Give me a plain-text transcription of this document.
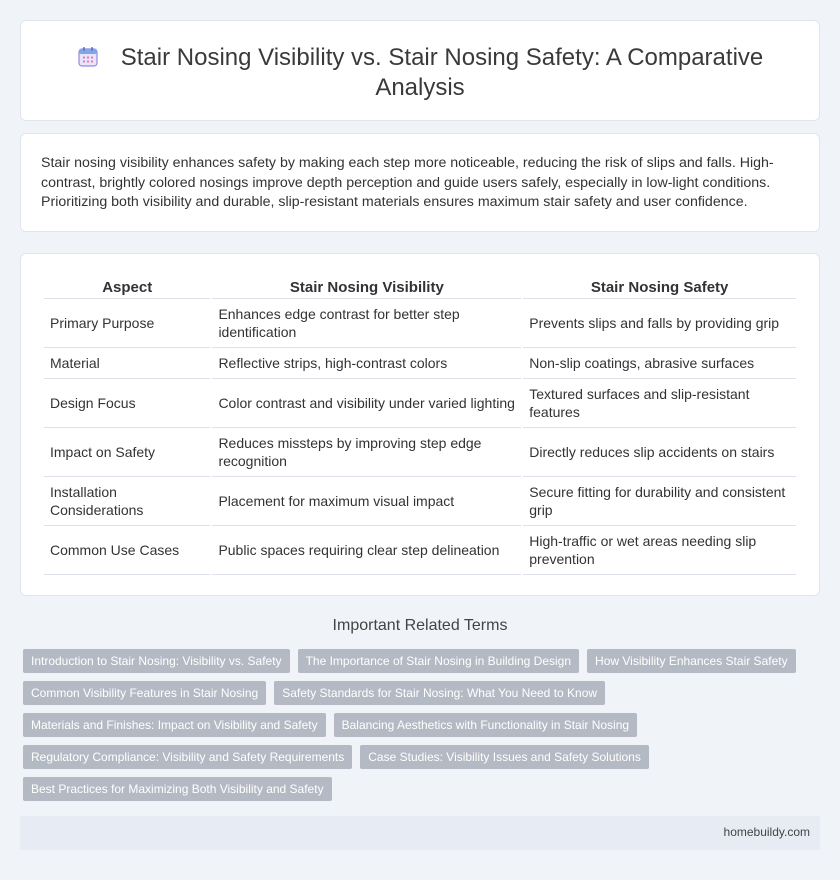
Stair Nosing Visibility vs. Stair Nosing Safety: A Comparative Analysis

Stair nosing visibility enhances safety by making each step more noticeable, reducing the risk of slips and falls. High-contrast, brightly colored nosings improve depth perception and guide users safely, especially in low-light conditions. Prioritizing both visibility and durable, slip-resistant materials ensures maximum stair safety and user confidence.

Aspect	Stair Nosing Visibility	Stair Nosing Safety
Primary Purpose	Enhances edge contrast for better step identification	Prevents slips and falls by providing grip
Material	Reflective strips, high-contrast colors	Non-slip coatings, abrasive surfaces
Design Focus	Color contrast and visibility under varied lighting	Textured surfaces and slip-resistant features
Impact on Safety	Reduces missteps by improving step edge recognition	Directly reduces slip accidents on stairs
Installation Considerations	Placement for maximum visual impact	Secure fitting for durability and consistent grip
Common Use Cases	Public spaces requiring clear step delineation	High-traffic or wet areas needing slip prevention
Important Related Terms
Introduction to Stair Nosing: Visibility vs. Safety	The Importance of Stair Nosing in Building Design	How Visibility Enhances Stair Safety
Common Visibility Features in Stair Nosing	Safety Standards for Stair Nosing: What You Need to Know
Materials and Finishes: Impact on Visibility and Safety	Balancing Aesthetics with Functionality in Stair Nosing
Regulatory Compliance: Visibility and Safety Requirements	Case Studies: Visibility Issues and Safety Solutions
Best Practices for Maximizing Both Visibility and Safety
homebuildy.com
